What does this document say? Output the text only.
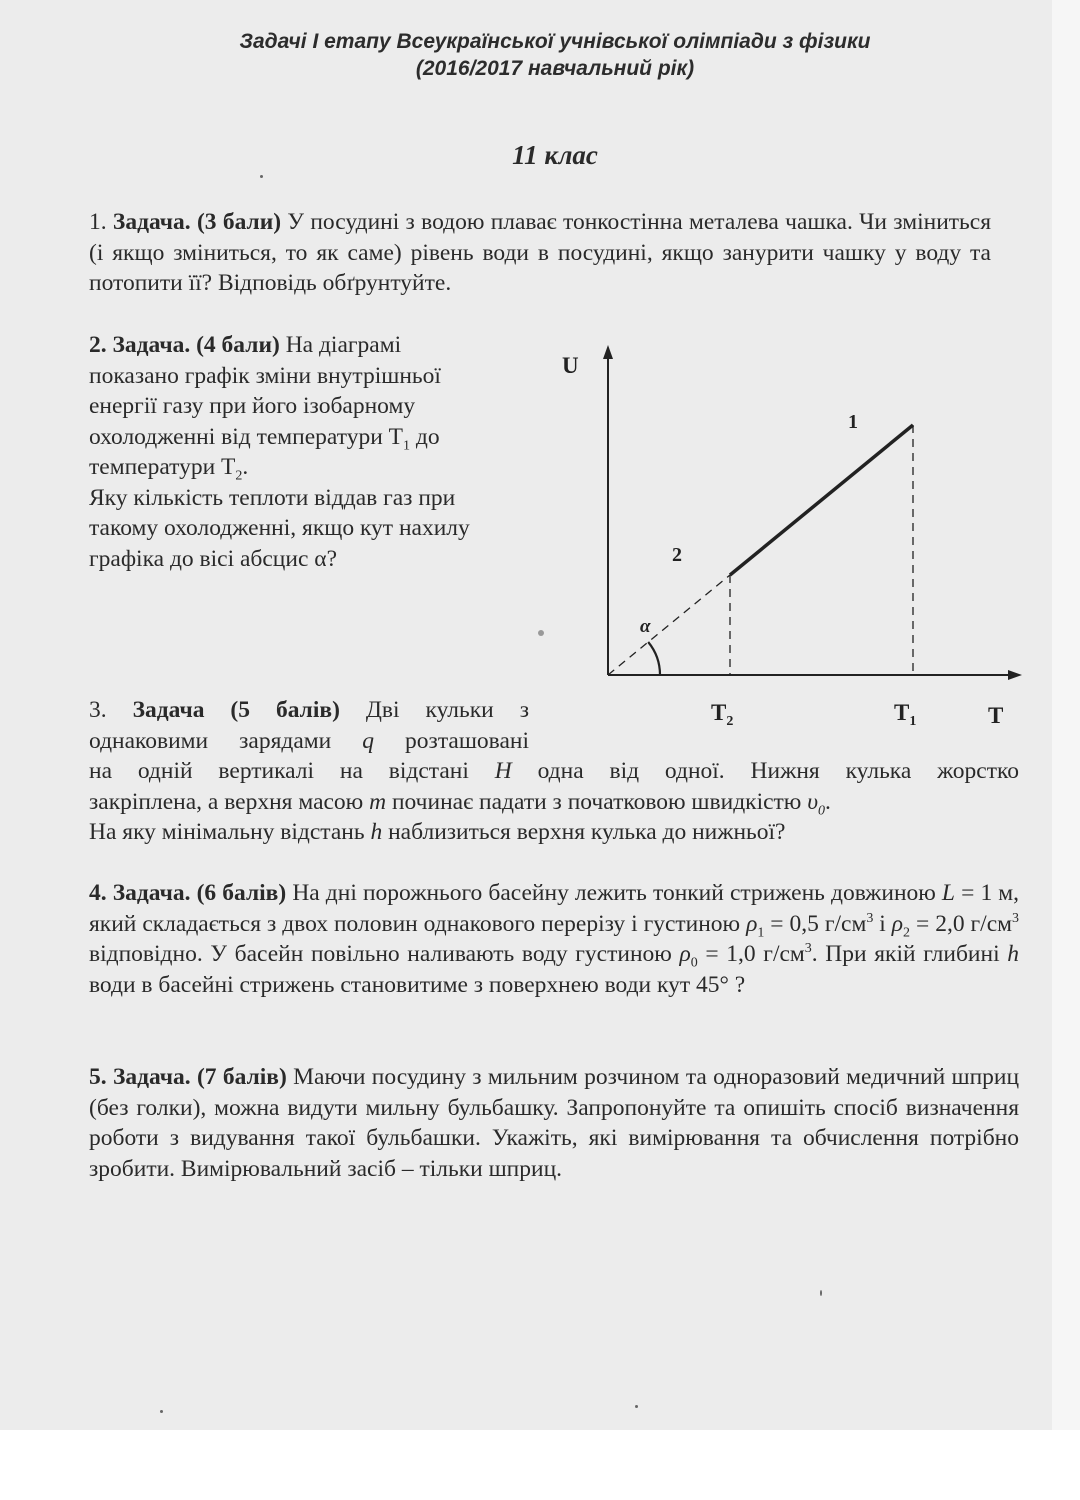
Задачі І етапу Всеукраїнської учнівської олімпіади з фізики
(2016/2017 навчальний рік)
11 клас
1. Задача. (3 бали) У посудині з водою плаває тонкостінна металева чашка. Чи зміниться (і якщо зміниться, то як саме) рівень води в посудині, якщо занурити чашку у воду та потопити її? Відповідь обґрунтуйте.
2. Задача. (4 бали) На діаграмі
показано графік зміни внутрішньої
енергії газу при його ізобарному
охолодженні від температури $T_1$ до
температури $T_2$.
Яку кількість теплоти віддав газ при
такому охолодженні, якщо кут нахилу
графіка до вісі абсцис α?
α
U
T
1
2
$T_2$	$T_1$
3. Задача (5 балів) Дві кульки з
однаковими зарядами q розташовані
на одній вертикалі на відстані H одна від одної. Нижня кулька жорстко
закріплена, а верхня масою m починає падати з початковою швидкістю $\upsilon_0$.
На яку мінімальну відстань h наблизиться верхня кулька до нижньої?
4. Задача. (6 балів) На дні порожнього басейну лежить тонкий стрижень довжиною L = 1 м, який складається з двох половин однакового перерізу і густиною $\rho_1 = 0,5$ $г/см^3$ і $\rho_2 = 2,0$ $г/см^3$ відповідно. У басейн повільно наливають воду густиною $\rho_0 = 1,0$ $г/см^3$. При якій глибині h води в басейні стрижень становитиме з поверхнею води кут 45° ?
5. Задача. (7 балів) Маючи посудину з мильним розчином та одноразовий медичний шприц (без голки), можна видути мильну бульбашку. Запропонуйте та опишіть спосіб визначення роботи з видування такої бульбашки. Укажіть, які вимірювання та обчислення потрібно зробити. Вимірювальний засіб – тільки шприц.
